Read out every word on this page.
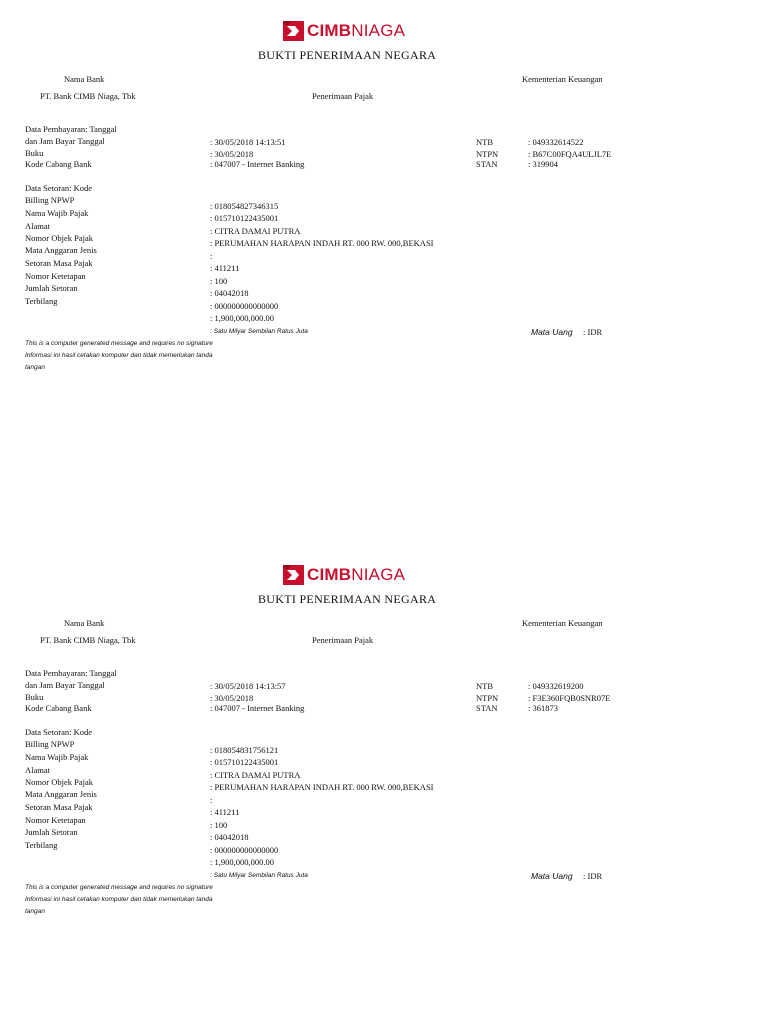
CIMBNIAGA
BUKTI PENERIMAAN NEGARA
Nama Bank
PT. Bank CIMB Niaga, Tbk
Kementerian Keuangan
Penerimaan Pajak
Data Pembayaran: Tanggal
dan Jam Bayar Tanggal
Buku
Kode Cabang Bank
: 30/05/2018 14:13:51
: 30/05/2018
: 047007 - Internet Banking
NTB
NTPN
STAN
: 049332614522
: B67C00FQA4ULJL7E
: 319904
Data Setoran: Kode
Billing NPWP
Nama Wajib Pajak
Alamat
Nomor Objek Pajak
Mata Anggaran Jenis
Setoran Masa Pajak
Nomor Ketetapan
Jumlah Setoran
Terbilang
: 018054827346315
: 015710122435001
: CITRA DAMAI PUTRA
: PERUMAHAN HARAPAN INDAH RT. 000 RW. 000,BEKASI
:
: 411211
: 100
: 04042018
: 000000000000000
: 1,900,000,000.00
: Satu Milyar Sembilan Ratus Juta	Mata Uang : IDR
This is a computer generated message and requires no signature
Informasi ini hasil cetakan komputer dan tidak memerlukan tanda
tangan
CIMBNIAGA
BUKTI PENERIMAAN NEGARA
Nama Bank
PT. Bank CIMB Niaga, Tbk
Kementerian Keuangan
Penerimaan Pajak
Data Pembayaran: Tanggal
dan Jam Bayar Tanggal
Buku
Kode Cabang Bank
: 30/05/2018 14:13:57
: 30/05/2018
: 047007 - Internet Banking
NTB
NTPN
STAN
: 049332619200
: F3E360FQB0SNR07E
: 361873
Data Setoran: Kode
Billing NPWP
Nama Wajib Pajak
Alamat
Nomor Objek Pajak
Mata Anggaran Jenis
Setoran Masa Pajak
Nomor Ketetapan
Jumlah Setoran
Terbilang
: 018054831756121
: 015710122435001
: CITRA DAMAI PUTRA
: PERUMAHAN HARAPAN INDAH RT. 000 RW. 000,BEKASI
:
: 411211
: 100
: 04042018
: 000000000000000
: 1,900,000,000.00
: Satu Milyar Sembilan Ratus Juta	Mata Uang : IDR
This is a computer generated message and requires no signature
Informasi ini hasil cetakan komputer dan tidak memerlukan tanda
tangan
